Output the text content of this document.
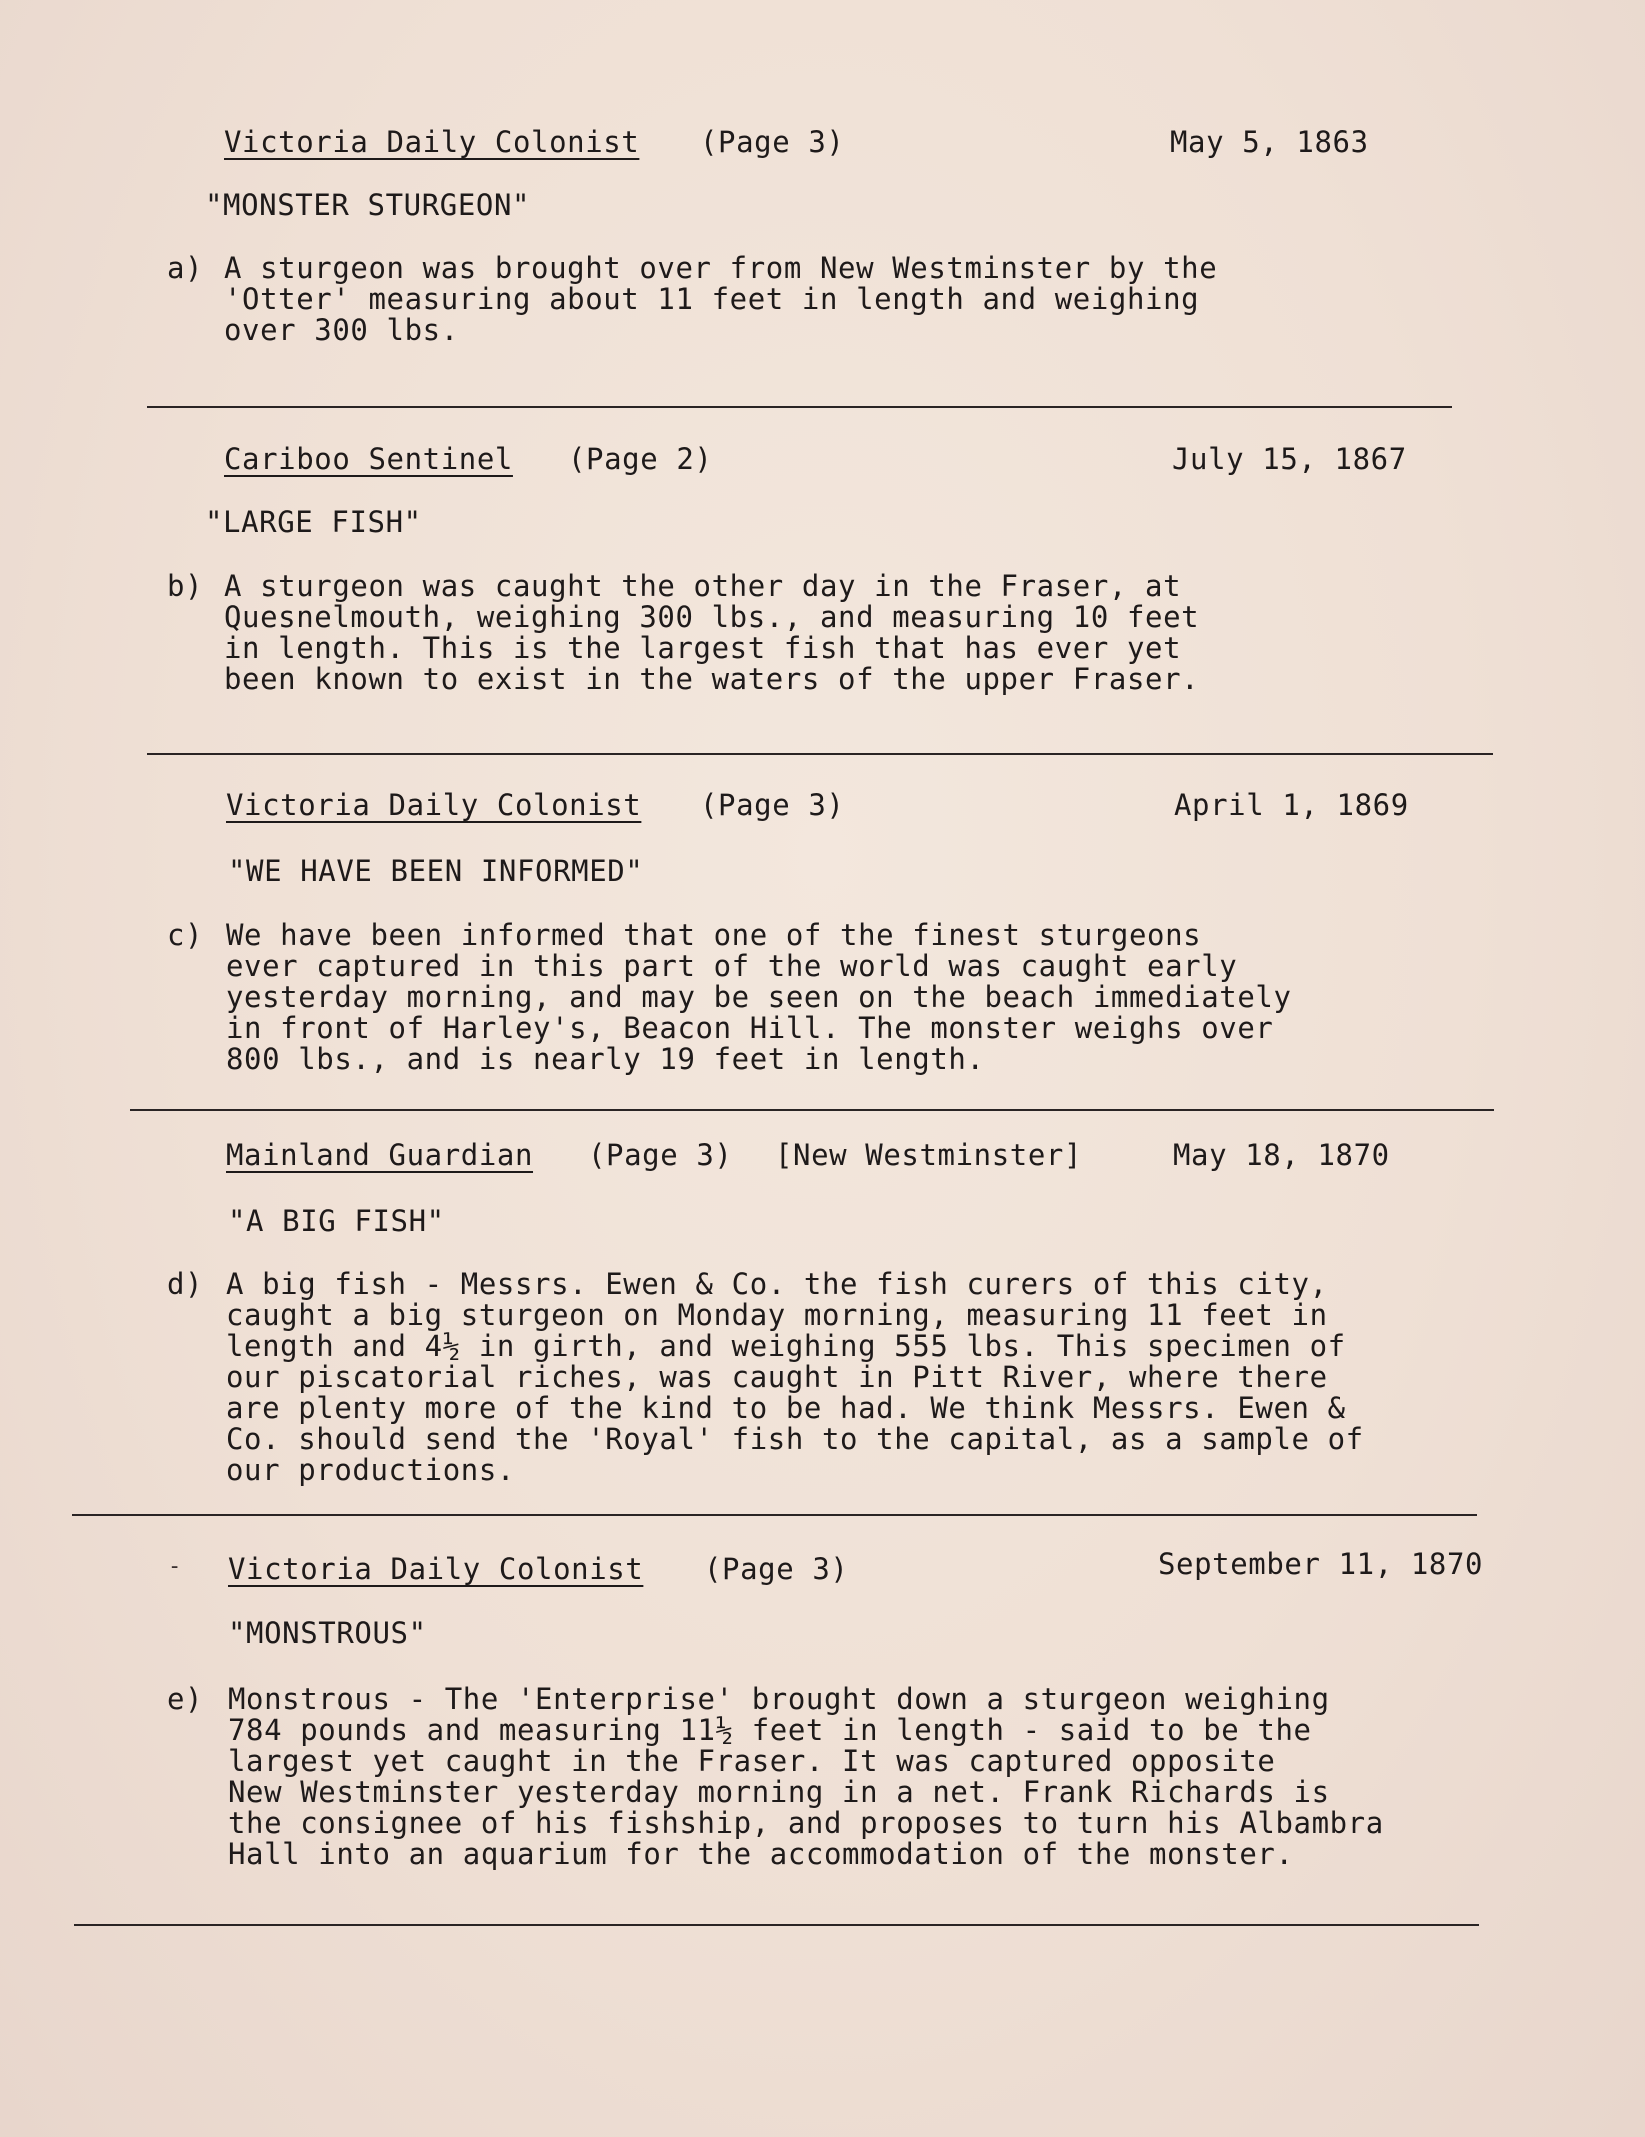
Victoria Daily Colonist (Page 3)	May 5, 1863
"MONSTER STURGEON"
a) A sturgeon was brought over from New Westminster by the
'Otter' measuring about 11 feet in length and weighing
over 300 lbs.
Cariboo Sentinel (Page 2)	July 15, 1867
"LARGE FISH"
b) A sturgeon was caught the other day in the Fraser, at
Quesnelmouth, weighing 300 lbs., and measuring 10 feet
in length. This is the largest fish that has ever yet
been known to exist in the waters of the upper Fraser.
Victoria Daily Colonist (Page 3)	April 1, 1869
"WE HAVE BEEN INFORMED"
c) We have been informed that one of the finest sturgeons
ever captured in this part of the world was caught early
yesterday morning, and may be seen on the beach immediately
in front of Harley's, Beacon Hill. The monster weighs over
800 lbs., and is nearly 19 feet in length.
Mainland Guardian (Page 3) [New Westminster]	May 18, 1870
"A BIG FISH"
d) A big fish - Messrs. Ewen & Co. the fish curers of this city,
caught a big sturgeon on Monday morning, measuring 11 feet in
length and 4½ in girth, and weighing 555 lbs. This specimen of
our piscatorial riches, was caught in Pitt River, where there
are plenty more of the kind to be had. We think Messrs. Ewen &
Co. should send the 'Royal' fish to the capital, as a sample of
our productions.
- Victoria Daily Colonist (Page 3)	September 11, 1870
"MONSTROUS"
e) Monstrous - The 'Enterprise' brought down a sturgeon weighing
784 pounds and measuring 11½ feet in length - said to be the
largest yet caught in the Fraser. It was captured opposite
New Westminster yesterday morning in a net. Frank Richards is
the consignee of his fishship, and proposes to turn his Albambra
Hall into an aquarium for the accommodation of the monster.
